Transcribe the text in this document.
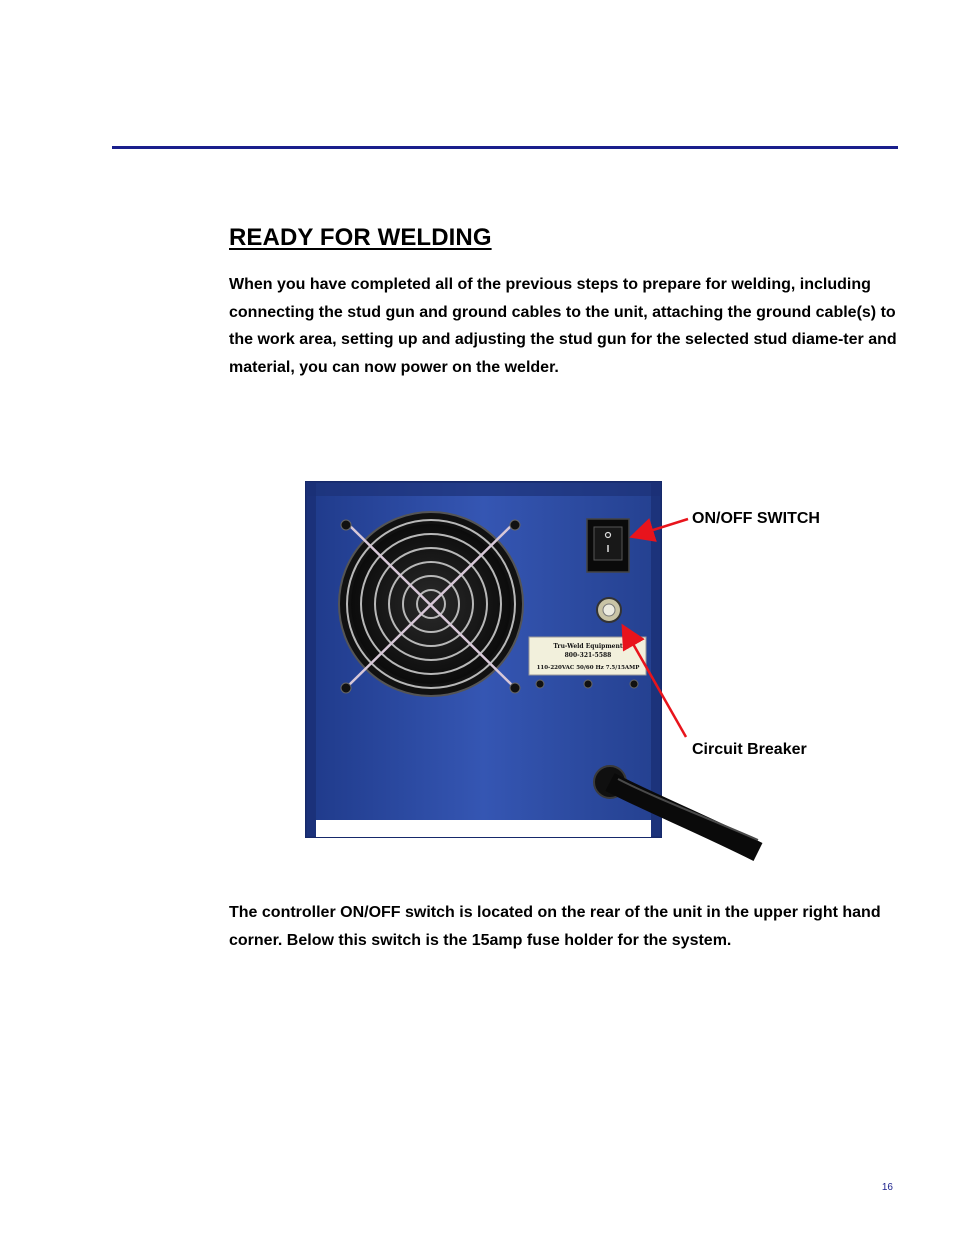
READY FOR WELDING

When you have completed all of the previous steps to prepare for welding, including connecting the stud gun and ground cables to the unit, attaching the ground cable(s) to the work area, setting up and adjusting the stud gun for the selected stud diame-ter and material, you can now power on the welder.

Tru-Weld Equipment
800-321-5588
110-220VAC 50/60 Hz 7.5/15AMP
ON/OFF SWITCH
Circuit Breaker

The controller ON/OFF switch is located on the rear of the unit in the upper right hand corner. Below this switch is the 15amp fuse holder for the system.

16
